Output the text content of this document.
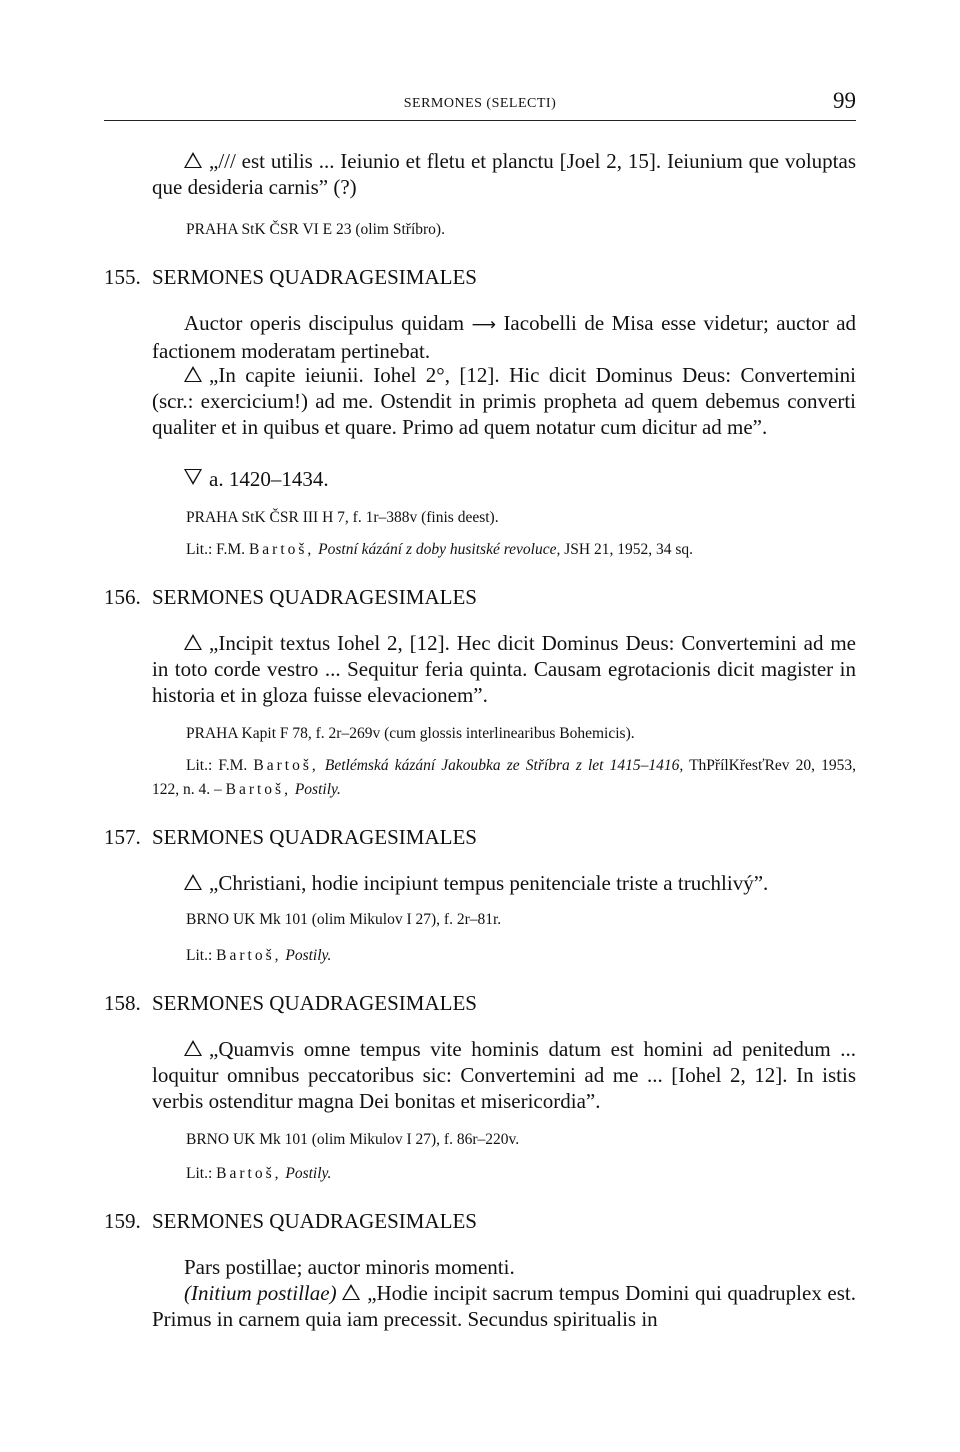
SERMONES (SELECTI)	99
„/// est utilis ... Ieiunio et fletu et planctu [Joel 2, 15]. Ieiunium que voluptas que desideria carnis” (?)
PRAHA StK ČSR VI E 23 (olim Stříbro).
155. SERMONES QUADRAGESIMALES
Auctor operis discipulus quidam ⟶ Iacobelli de Misa esse videtur; auctor ad factionem moderatam pertinebat.
„In capite ieiunii. Iohel 2°, [12]. Hic dicit Dominus Deus: Convertemini (scr.: exercicium!) ad me. Ostendit in primis propheta ad quem debemus converti qualiter et in quibus et quare. Primo ad quem notatur cum dicitur ad me”.
a. 1420–1434.
PRAHA StK ČSR III H 7, f. 1r–388v (finis deest).
Lit.: F.M. Bartoš, Postní kázání z doby husitské revoluce, JSH 21, 1952, 34 sq.
156. SERMONES QUADRAGESIMALES
„Incipit textus Iohel 2, [12]. Hec dicit Dominus Deus: Convertemini ad me in toto corde vestro ... Sequitur feria quinta. Causam egrotacionis dicit magister in historia et in gloza fuisse elevacionem”.
PRAHA Kapit F 78, f. 2r–269v (cum glossis interlinearibus Bohemicis).
Lit.: F.M. Bartoš, Betlémská kázání Jakoubka ze Stříbra z let 1415–1416, ThPřílKřesťRev 20, 1953, 122, n. 4. – Bartoš, Postily.
157. SERMONES QUADRAGESIMALES
„Christiani, hodie incipiunt tempus penitenciale triste a truchlivý”.
BRNO UK Mk 101 (olim Mikulov I 27), f. 2r–81r.
Lit.: Bartoš, Postily.
158. SERMONES QUADRAGESIMALES
„Quamvis omne tempus vite hominis datum est homini ad penitedum ... loquitur omnibus peccatoribus sic: Convertemini ad me ... [Iohel 2, 12]. In istis verbis ostenditur magna Dei bonitas et misericordia”.
BRNO UK Mk 101 (olim Mikulov I 27), f. 86r–220v.
Lit.: Bartoš, Postily.
159. SERMONES QUADRAGESIMALES
Pars postillae; auctor minoris momenti.
(Initium postillae) „Hodie incipit sacrum tempus Domini qui quadruplex est. Primus in carnem quia iam precessit. Secundus spiritualis in
